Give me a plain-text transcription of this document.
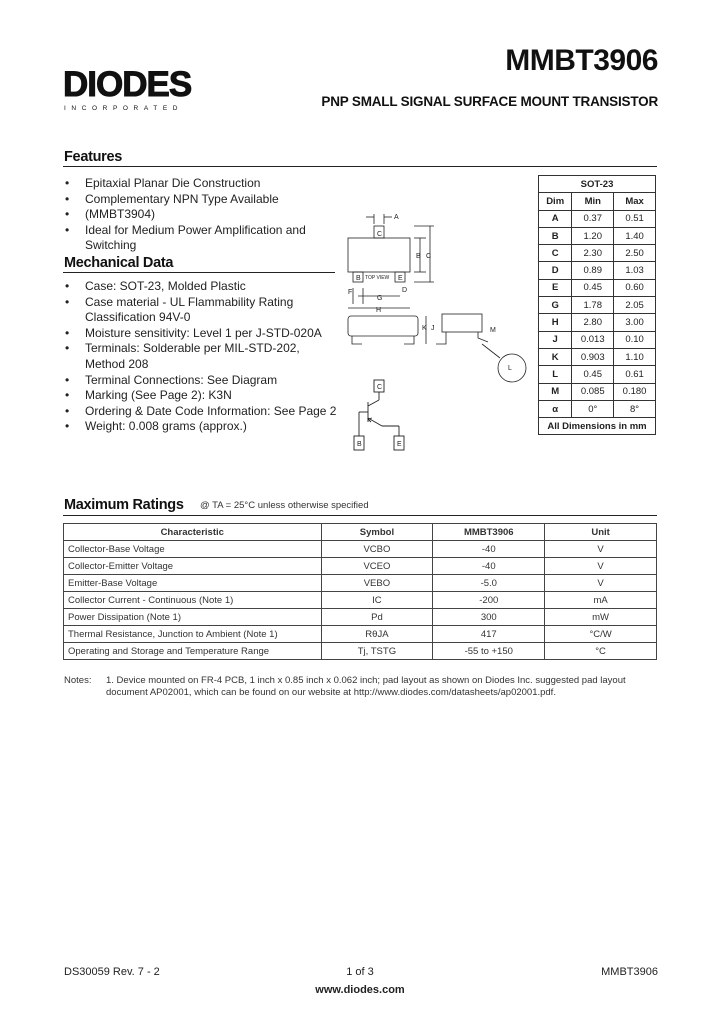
DIODES
INCORPORATED
MMBT3906
PNP SMALL SIGNAL SURFACE MOUNT TRANSISTOR
Features
• Epitaxial Planar Die Construction
• Complementary NPN Type Available
• (MMBT3904)
• Ideal for Medium Power Amplification and Switching
Mechanical Data
• Case: SOT-23, Molded Plastic
• Case material - UL Flammability Rating Classification 94V-0
• Moisture sensitivity: Level 1 per J-STD-020A
• Terminals: Solderable per MIL-STD-202, Method 208
• Terminal Connections: See Diagram
• Marking (See Page 2): K3N
• Ordering & Date Code Information: See Page 2
• Weight: 0.008 grams (approx.)
C
B	E
TOP VIEW
A
B C
F
G
D
H
K J	M
L
C
B	E
SOT-23		
Dim	Min	Max
A	0.37	0.51
B	1.20	1.40
C	2.30	2.50
D	0.89	1.03
E	0.45	0.60
G	1.78	2.05
H	2.80	3.00
J	0.013	0.10
K	0.903	1.10
L	0.45	0.61
M	0.085	0.180
α	0°	8°
All Dimensions in mm		
Maximum Ratings @ TA = 25°C unless otherwise specified
Characteristic	Symbol	MMBT3906	Unit
Collector-Base Voltage	VCBO	-40	V
Collector-Emitter Voltage	VCEO	-40	V
Emitter-Base Voltage	VEBO	-5.0	V
Collector Current - Continuous (Note 1)	IC	-200	mA
Power Dissipation (Note 1)	Pd	300	mW
Thermal Resistance, Junction to Ambient (Note 1)	RθJA	417	°C/W
Operating and Storage and Temperature Range	Tj, TSTG	-55 to +150	°C
Notes: 1. Device mounted on FR-4 PCB, 1 inch x 0.85 inch x 0.062 inch; pad layout as shown on Diodes Inc. suggested pad layout document AP02001, which can be found on our website at http://www.diodes.com/datasheets/ap02001.pdf.
DS30059 Rev. 7 - 2	1 of 3
www.diodes.com
MMBT3906
